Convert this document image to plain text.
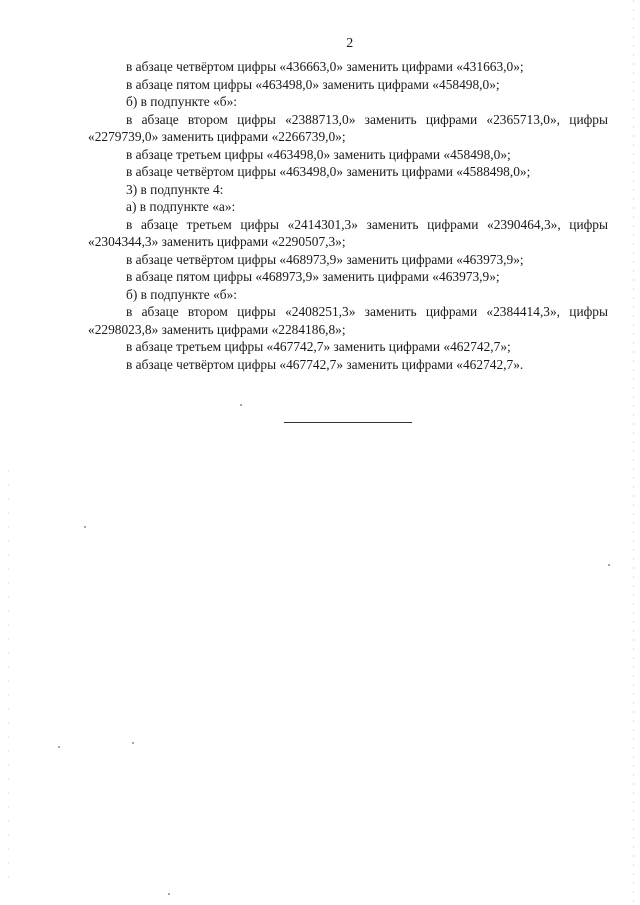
2

в абзаце четвёртом цифры «436663,0» заменить цифрами «431663,0»;

в абзаце пятом цифры «463498,0» заменить цифрами «458498,0»;

б) в подпункте «б»:

в абзаце втором цифры «2388713,0» заменить цифрами «2365713,0», цифры «2279739,0» заменить цифрами «2266739,0»;

в абзаце третьем цифры «463498,0» заменить цифрами «458498,0»;

в абзаце четвёртом цифры «463498,0» заменить цифрами «4588498,0»;

3) в подпункте 4:

а) в подпункте «а»:

в абзаце третьем цифры «2414301,3» заменить цифрами «2390464,3», цифры «2304344,3» заменить цифрами «2290507,3»;

в абзаце четвёртом цифры «468973,9» заменить цифрами «463973,9»;

в абзаце пятом цифры «468973,9» заменить цифрами «463973,9»;

б) в подпункте «б»:

в абзаце втором цифры «2408251,3» заменить цифрами «2384414,3», цифры «2298023,8» заменить цифрами «2284186,8»;

в абзаце третьем цифры «467742,7» заменить цифрами «462742,7»;

в абзаце четвёртом цифры «467742,7» заменить цифрами «462742,7».
